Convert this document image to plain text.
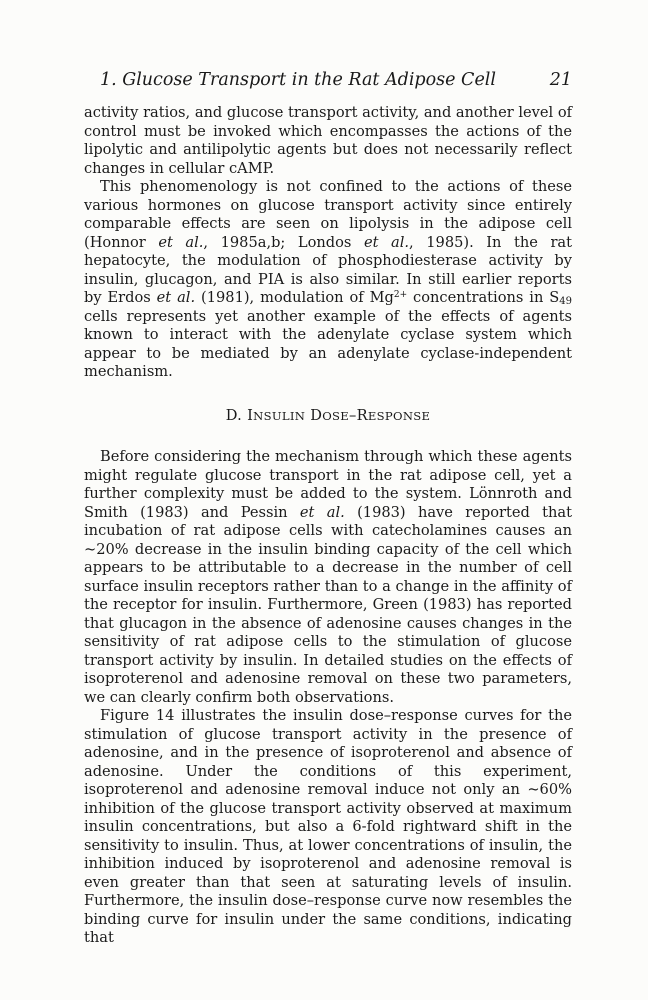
1. Glucose Transport in the Rat Adipose Cell	21

activity ratios, and glucose transport activity, and another level of control must be invoked which encompasses the actions of the lipolytic and antilipolytic agents but does not necessarily reflect changes in cellular cAMP.

This phenomenology is not confined to the actions of these various hormones on glucose transport activity since entirely comparable effects are seen on lipolysis in the adipose cell (Honnor et al., 1985a,b; Londos et al., 1985). In the rat hepatocyte, the modulation of phosphodiesterase activity by insulin, glucagon, and PIA is also similar. In still earlier reports by Erdos et al. (1981), modulation of $Mg^{2+}$ concentrations in $S_{49}$ cells represents yet another example of the effects of agents known to interact with the adenylate cyclase system which appear to be mediated by an adenylate cyclase-independent mechanism.

D. INSULIN DOSE–RESPONSE

Before considering the mechanism through which these agents might regulate glucose transport in the rat adipose cell, yet a further complexity must be added to the system. Lönnroth and Smith (1983) and Pessin et al. (1983) have reported that incubation of rat adipose cells with catecholamines causes an ~20% decrease in the insulin binding capacity of the cell which appears to be attributable to a decrease in the number of cell surface insulin receptors rather than to a change in the affinity of the receptor for insulin. Furthermore, Green (1983) has reported that glucagon in the absence of adenosine causes changes in the sensitivity of rat adipose cells to the stimulation of glucose transport activity by insulin. In detailed studies on the effects of isoproterenol and adenosine removal on these two parameters, we can clearly confirm both observations.

Figure 14 illustrates the insulin dose–response curves for the stimulation of glucose transport activity in the presence of adenosine, and in the presence of isoproterenol and absence of adenosine. Under the conditions of this experiment, isoproterenol and adenosine removal induce not only an ~60% inhibition of the glucose transport activity observed at maximum insulin concentrations, but also a 6-fold rightward shift in the sensitivity to insulin. Thus, at lower concentrations of insulin, the inhibition induced by isoproterenol and adenosine removal is even greater than that seen at saturating levels of insulin. Furthermore, the insulin dose–response curve now resembles the binding curve for insulin under the same conditions, indicating that
